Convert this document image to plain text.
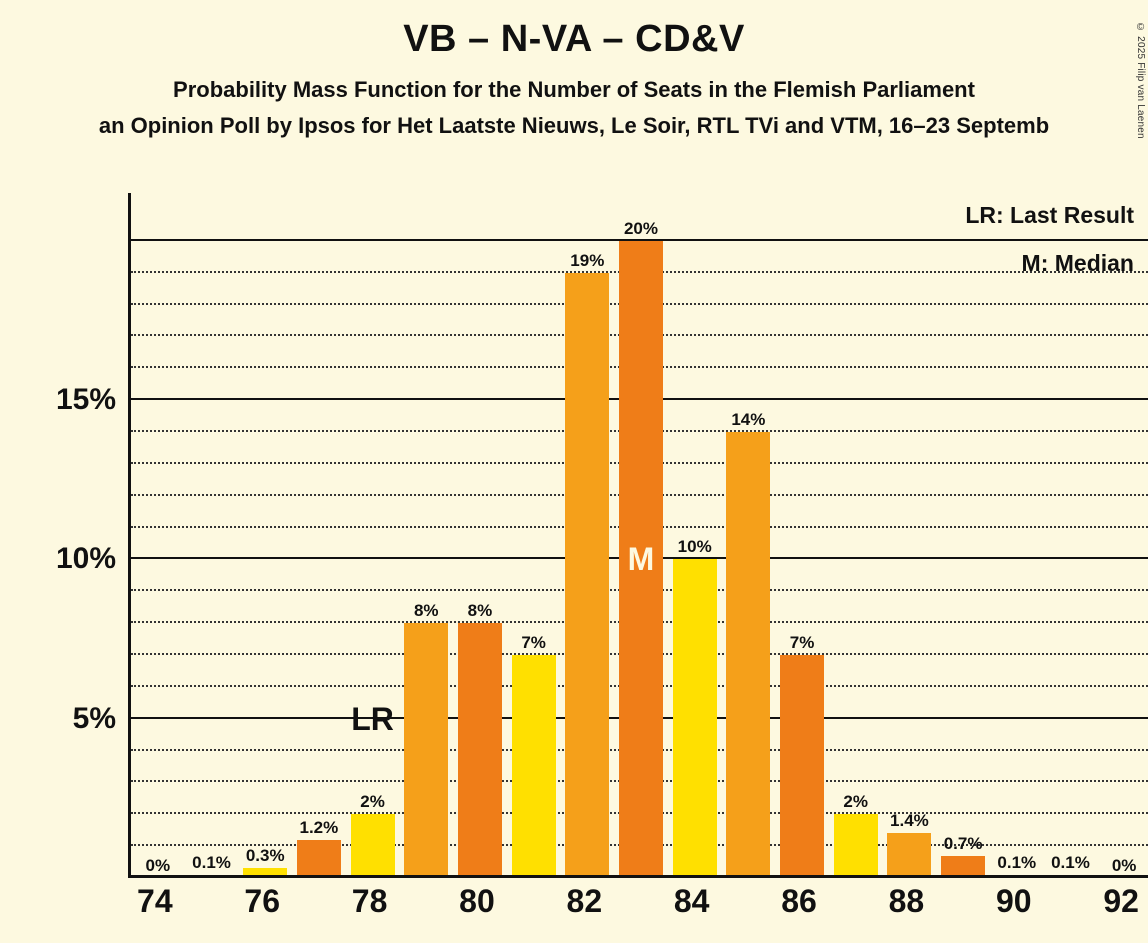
© 2025 Filip van Laenen
VB – N-VA – CD&V
Probability Mass Function for the Number of Seats in the Flemish Parliament
an Opinion Poll by Ipsos for Het Laatste Nieuws, Le Soir, RTL TVi and VTM, 16–23 Septemb
0% 0.1% 0.3%
1.2%
2%
8% 8%
7%
19%
20%
10%
14%
7%
2%
1.4%
0.7%
0.1% 0.1% 0%
LR
M
5%
10%
15%
74 76 78 80 82 84 86 88 90 92
LR: Last Result
M: Median
